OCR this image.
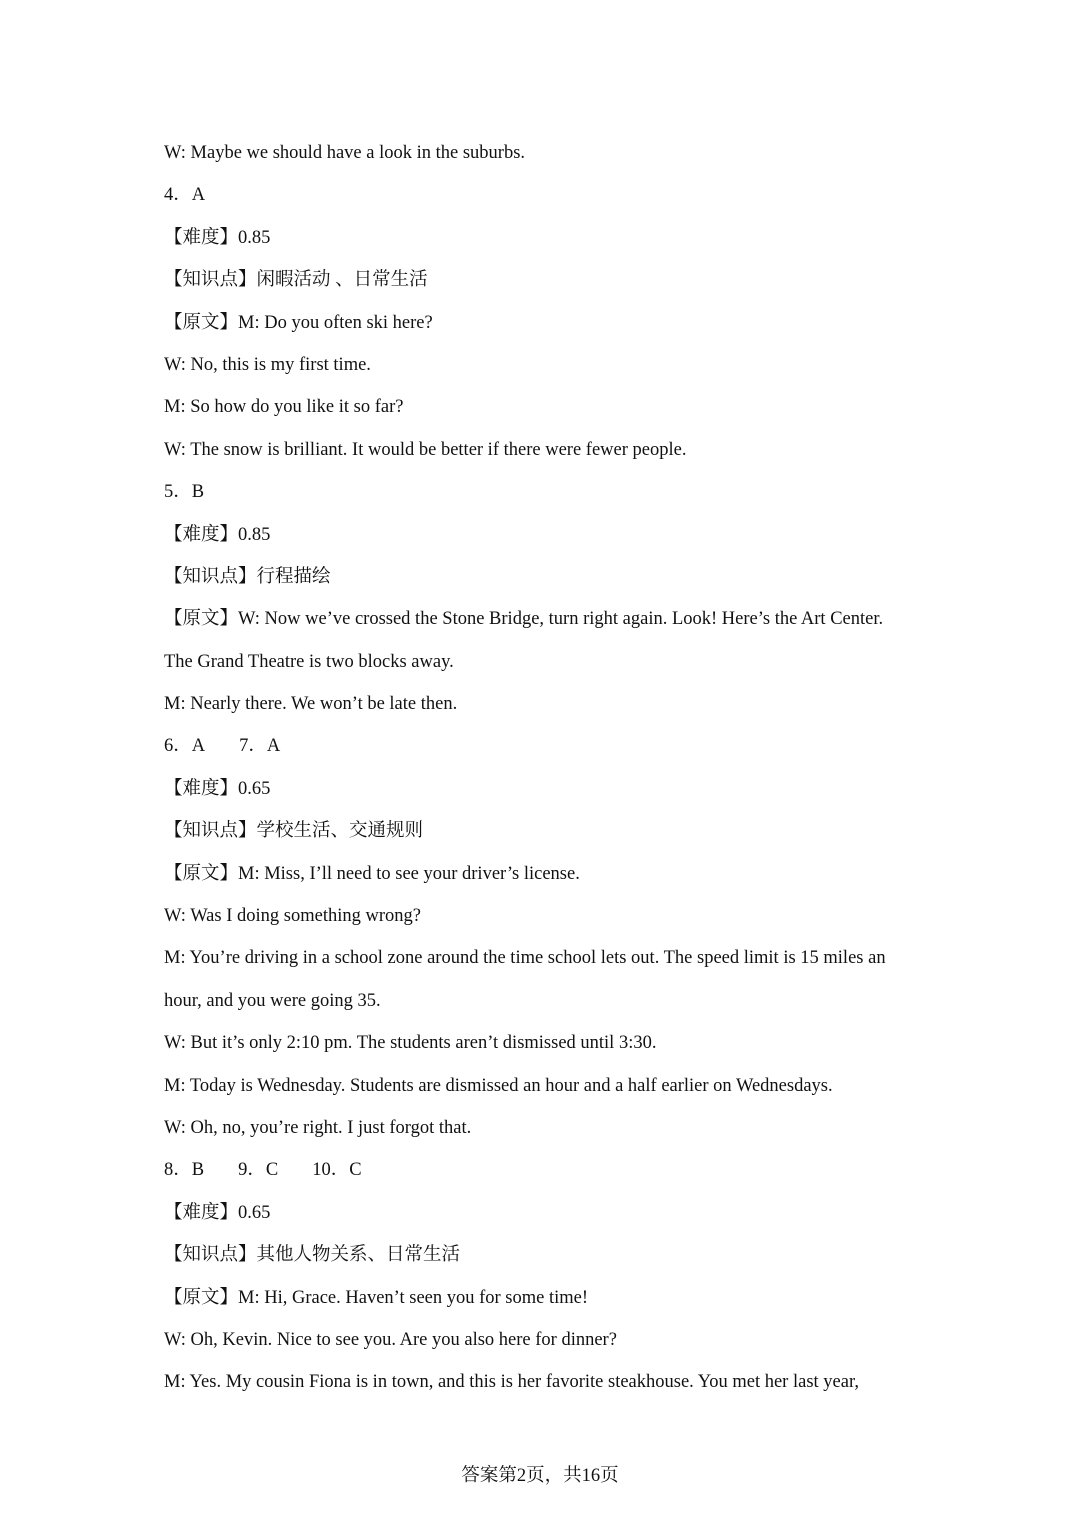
W: Maybe we should have a look in the suburbs.
4．A
【难度】0.85
【知识点】闲暇活动 、日常生活
【原文】M: Do you often ski here?
W: No, this is my first time.
M: So how do you like it so far?
W: The snow is brilliant. It would be better if there were fewer people.
5．B
【难度】0.85
【知识点】行程描绘
【原文】W: Now we’ve crossed the Stone Bridge, turn right again. Look! Here’s the Art Center.
The Grand Theatre is two blocks away.
M: Nearly there. We won’t be late then.
6．A 7．A
【难度】0.65
【知识点】学校生活、交通规则
【原文】M: Miss, I’ll need to see your driver’s license.
W: Was I doing something wrong?
M: You’re driving in a school zone around the time school lets out. The speed limit is 15 miles an
hour, and you were going 35.
W: But it’s only 2:10 pm. The students aren’t dismissed until 3:30.
M: Today is Wednesday. Students are dismissed an hour and a half earlier on Wednesdays.
W: Oh, no, you’re right. I just forgot that.
8．B 9．C 10．C
【难度】0.65
【知识点】其他人物关系、日常生活
【原文】M: Hi, Grace. Haven’t seen you for some time!
W: Oh, Kevin. Nice to see you. Are you also here for dinner?
M: Yes. My cousin Fiona is in town, and this is her favorite steakhouse. You met her last year,
答案第2页，共16页
